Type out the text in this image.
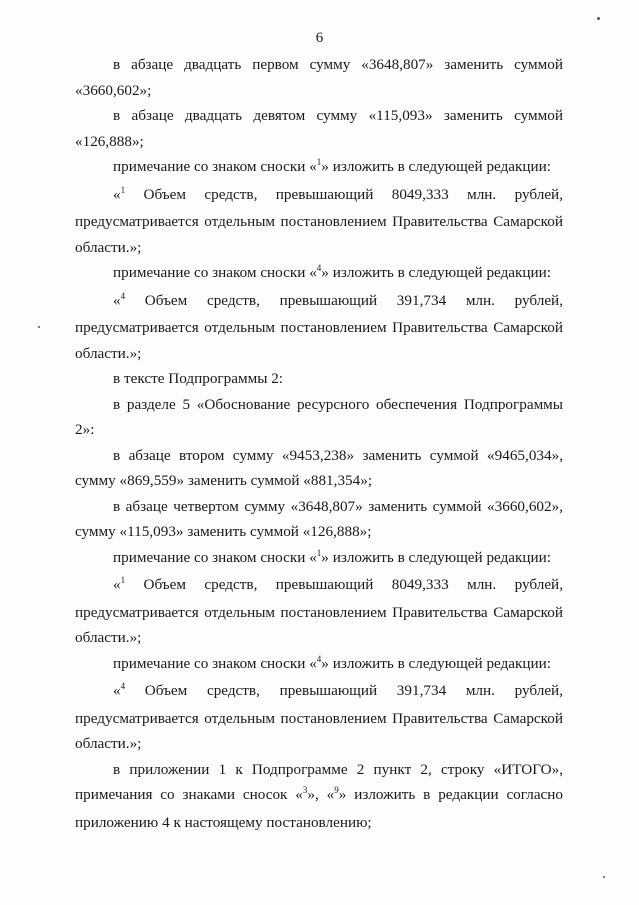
6

в абзаце двадцать первом сумму «3648,807» заменить суммой «3660,602»;

в абзаце двадцать девятом сумму «115,093» заменить суммой «126,888»;

примечание со знаком сноски «$^1$» изложить в следующей редакции:

«$^1$ Объем средств, превышающий 8049,333 млн. рублей, предусматривается отдельным постановлением Правительства Самарской области.»;

примечание со знаком сноски «$^4$» изложить в следующей редакции:

«$^4$ Объем средств, превышающий 391,734 млн. рублей, предусматривается отдельным постановлением Правительства Самарской области.»;

в тексте Подпрограммы 2:

в разделе 5 «Обоснование ресурсного обеспечения Подпрограммы 2»:

в абзаце втором сумму «9453,238» заменить суммой «9465,034», сумму «869,559» заменить суммой «881,354»;

в абзаце четвертом сумму «3648,807» заменить суммой «3660,602», сумму «115,093» заменить суммой «126,888»;

примечание со знаком сноски «$^1$» изложить в следующей редакции:

«$^1$ Объем средств, превышающий 8049,333 млн. рублей, предусматривается отдельным постановлением Правительства Самарской области.»;

примечание со знаком сноски «$^4$» изложить в следующей редакции:

«$^4$ Объем средств, превышающий 391,734 млн. рублей, предусматривается отдельным постановлением Правительства Самарской области.»;

в приложении 1 к Подпрограмме 2 пункт 2, строку «ИТОГО», примечания со знаками сносок «$^3$», «$^9$» изложить в редакции согласно приложению 4 к настоящему постановлению;
